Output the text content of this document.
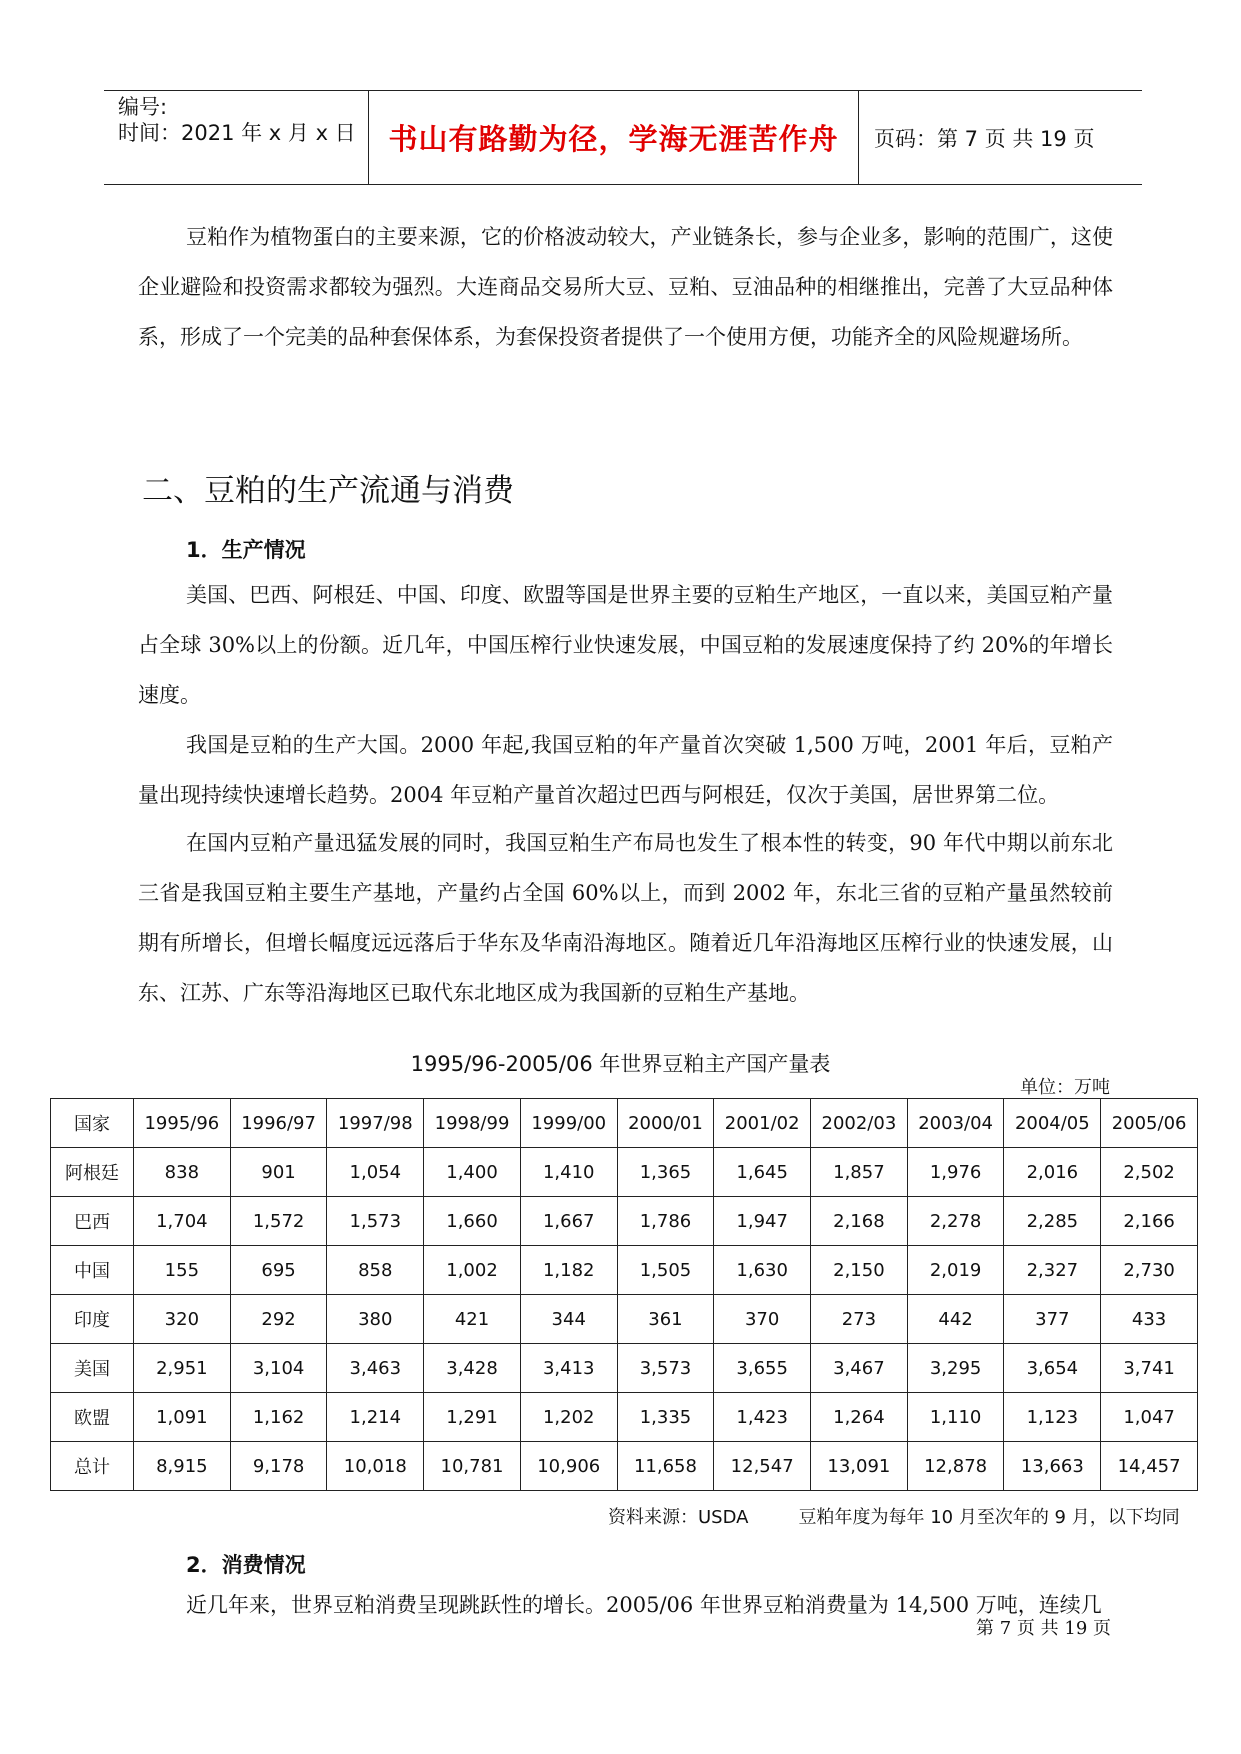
编号:
时间：2021 年 x 月 x 日	书山有路勤为径，学海无涯苦作舟	页码：第 7 页 共 19 页

豆粕作为植物蛋白的主要来源，它的价格波动较大，产业链条长，参与企业多，影响的范围广，这使企业避险和投资需求都较为强烈。大连商品交易所大豆、豆粕、豆油品种的相继推出，完善了大豆品种体系，形成了一个完美的品种套保体系，为套保投资者提供了一个使用方便，功能齐全的风险规避场所。

二、豆粕的生产流通与消费
1．生产情况

美国、巴西、阿根廷、中国、印度、欧盟等国是世界主要的豆粕生产地区，一直以来，美国豆粕产量占全球 30%以上的份额。近几年，中国压榨行业快速发展，中国豆粕的发展速度保持了约 20%的年增长速度。

我国是豆粕的生产大国。2000 年起,我国豆粕的年产量首次突破 1,500 万吨，2001 年后，豆粕产量出现持续快速增长趋势。2004 年豆粕产量首次超过巴西与阿根廷，仅次于美国，居世界第二位。

在国内豆粕产量迅猛发展的同时，我国豆粕生产布局也发生了根本性的转变，90 年代中期以前东北三省是我国豆粕主要生产基地，产量约占全国 60%以上，而到 2002 年，东北三省的豆粕产量虽然较前期有所增长，但增长幅度远远落后于华东及华南沿海地区。随着近几年沿海地区压榨行业的快速发展，山东、江苏、广东等沿海地区已取代东北地区成为我国新的豆粕生产基地。

1995/96-2005/06 年世界豆粕主产国产量表
单位：万吨
国家	1995/96	1996/97	1997/98	1998/99	1999/00	2000/01	2001/02	2002/03	2003/04	2004/05	2005/06
阿根廷	838	901	1,054	1,400	1,410	1,365	1,645	1,857	1,976	2,016	2,502
巴西	1,704	1,572	1,573	1,660	1,667	1,786	1,947	2,168	2,278	2,285	2,166
中国	155	695	858	1,002	1,182	1,505	1,630	2,150	2,019	2,327	2,730
印度	320	292	380	421	344	361	370	273	442	377	433
美国	2,951	3,104	3,463	3,428	3,413	3,573	3,655	3,467	3,295	3,654	3,741
欧盟	1,091	1,162	1,214	1,291	1,202	1,335	1,423	1,264	1,110	1,123	1,047
总计	8,915	9,178	10,018	10,781	10,906	11,658	12,547	13,091	12,878	13,663	14,457
资料来源：USDA	豆粕年度为每年 10 月至次年的 9 月，以下均同
2．消费情况

近几年来，世界豆粕消费呈现跳跃性的增长。2005/06 年世界豆粕消费量为 14,500 万吨，连续几

第 7 页 共 19 页
